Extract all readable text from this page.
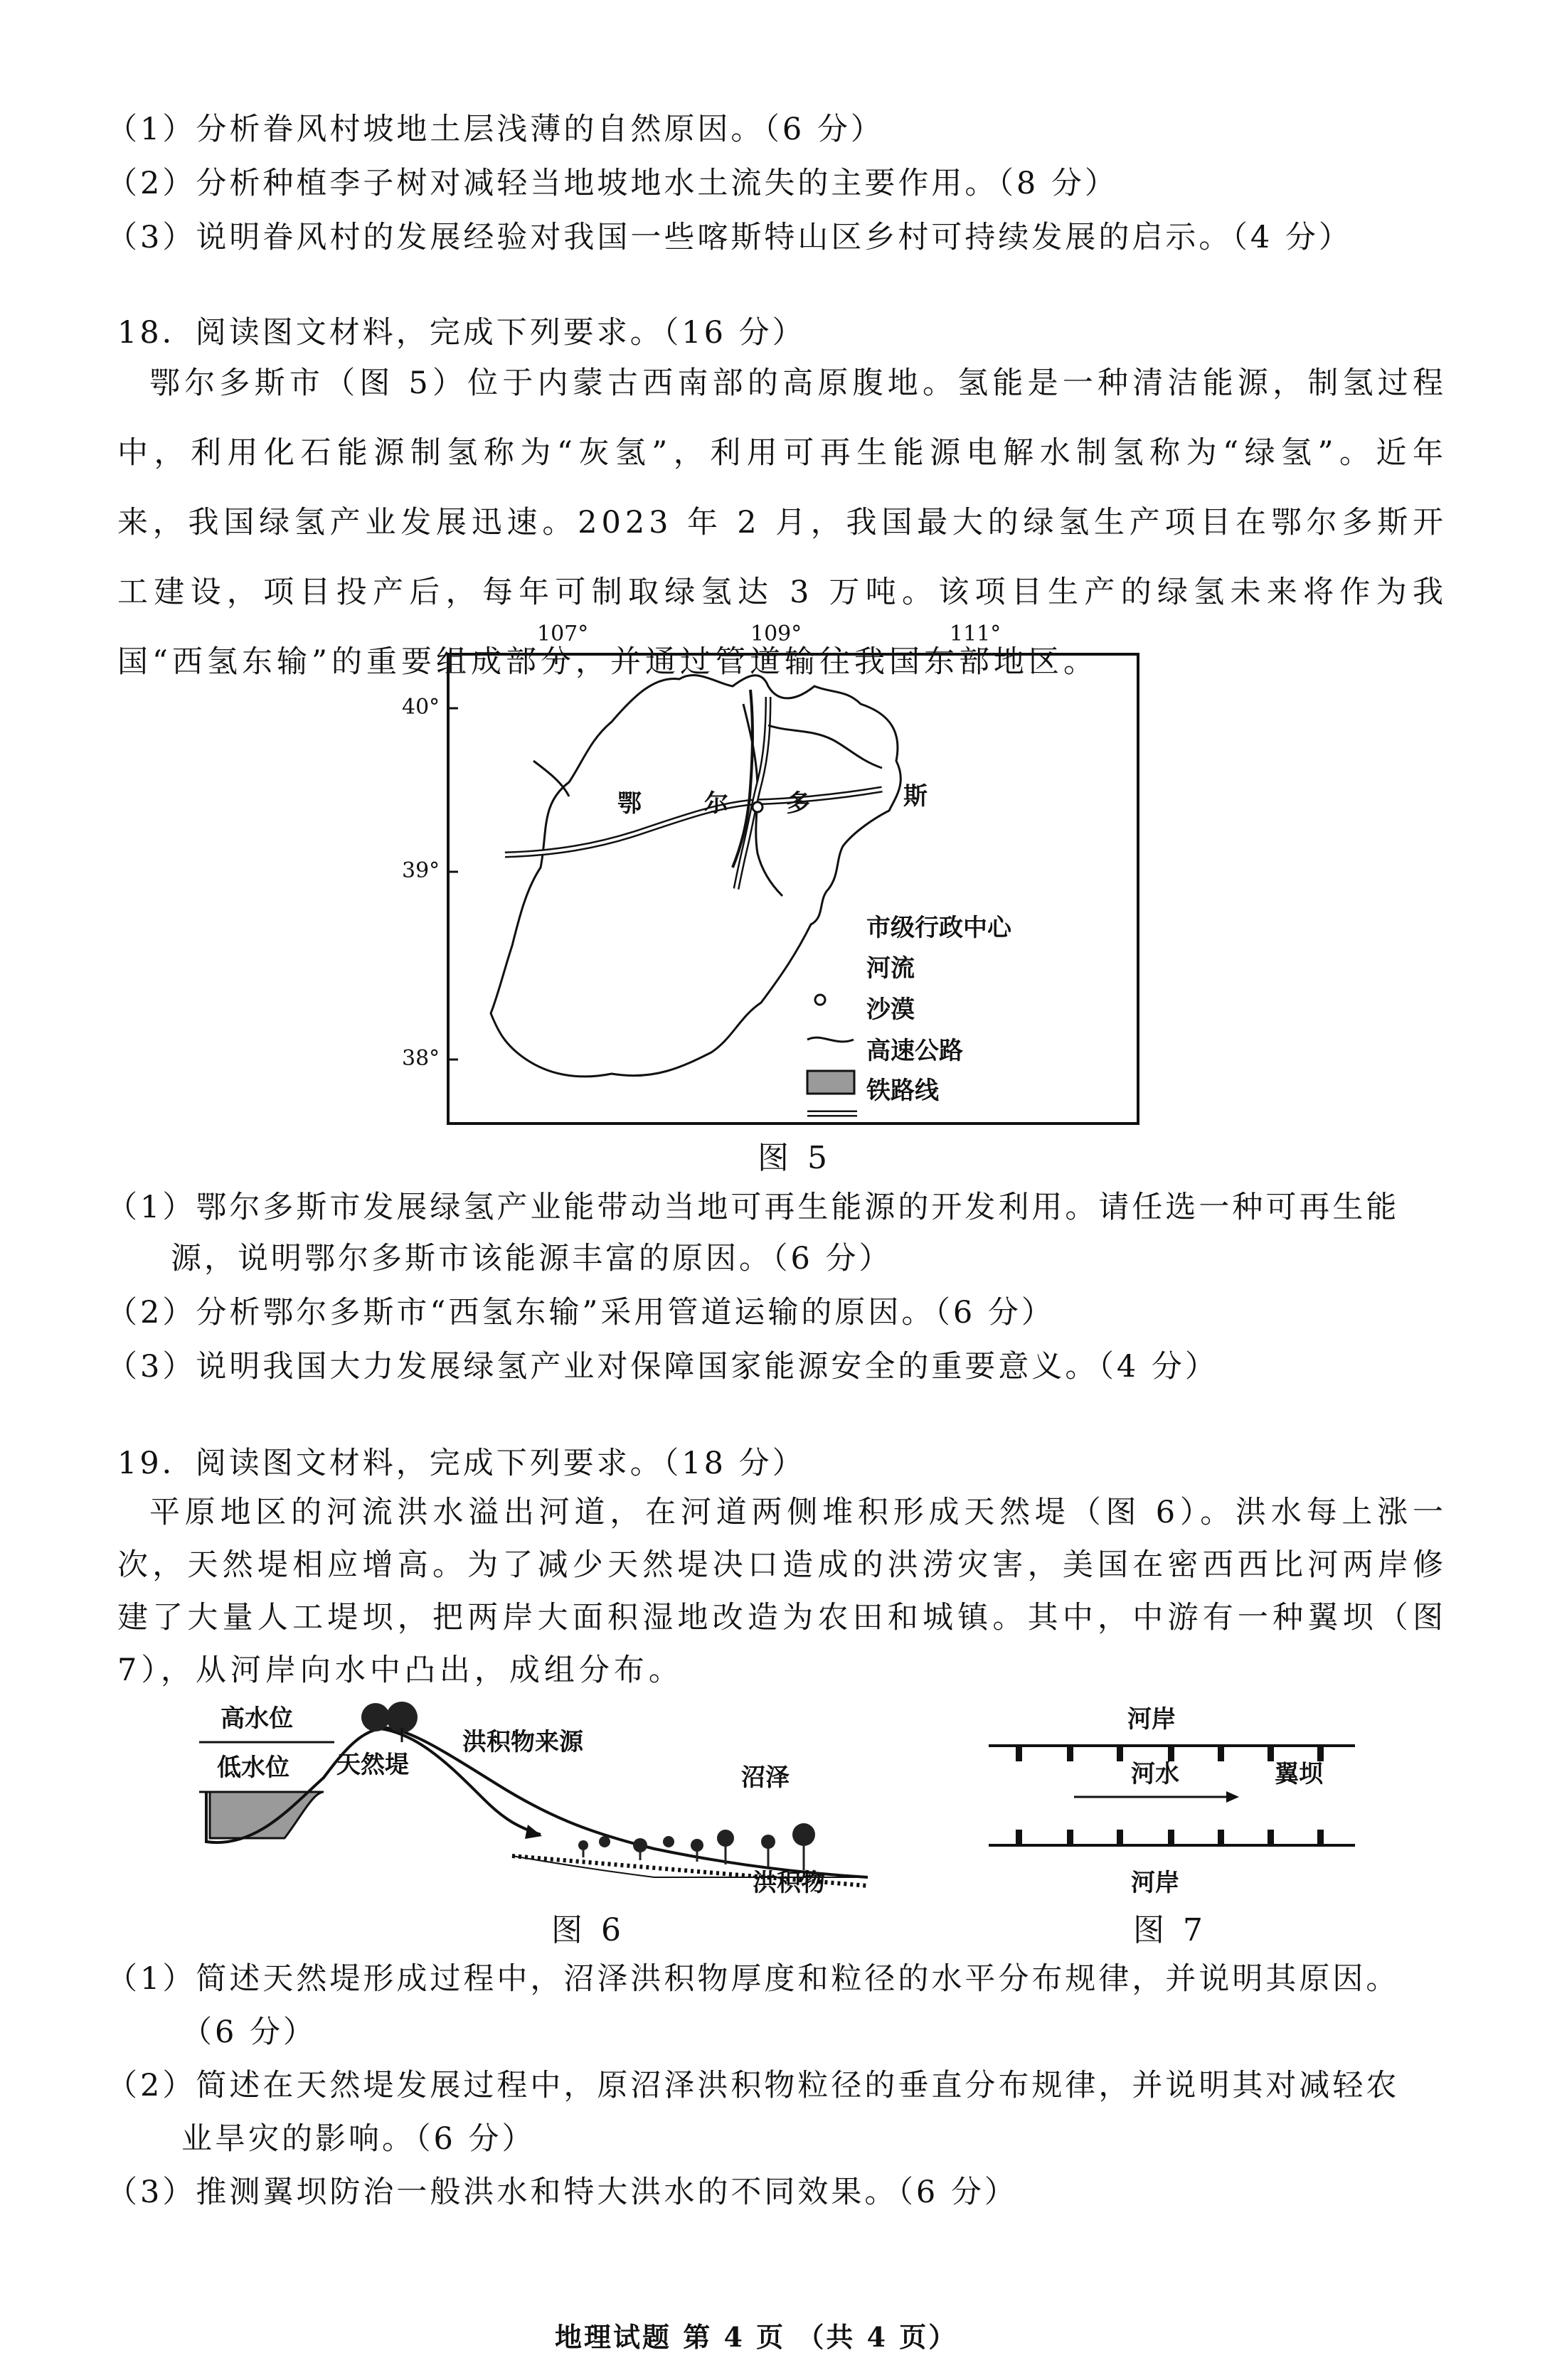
（1）分析眷风村坡地土层浅薄的自然原因。（6 分）
（2）分析种植李子树对减轻当地坡地水土流失的主要作用。（8 分）
（3）说明眷风村的发展经验对我国一些喀斯特山区乡村可持续发展的启示。（4 分）
18．阅读图文材料，完成下列要求。（16 分）
鄂尔多斯市（图 5）位于内蒙古西南部的高原腹地。氢能是一种清洁能源，制氢过程中，利用化石能源制氢称为“灰氢”，利用可再生能源电解水制氢称为“绿氢”。近年来，我国绿氢产业发展迅速。2023 年 2 月，我国最大的绿氢生产项目在鄂尔多斯开工建设，项目投产后，每年可制取绿氢达 3 万吨。该项目生产的绿氢未来将作为我国“西氢东输”的重要组成部分，并通过管道输往我国东部地区。
107°	109°	111°
40°
39°
38°
鄂	尔 多	斯
市级行政中心
河流
沙漠
高速公路
铁路线
图 5
（1）鄂尔多斯市发展绿氢产业能带动当地可再生能源的开发利用。请任选一种可再生能
源，说明鄂尔多斯市该能源丰富的原因。（6 分）
（2）分析鄂尔多斯市“西氢东输”采用管道运输的原因。（6 分）
（3）说明我国大力发展绿氢产业对保障国家能源安全的重要意义。（4 分）
19．阅读图文材料，完成下列要求。（18 分）
平原地区的河流洪水溢出河道，在河道两侧堆积形成天然堤（图 6）。洪水每上涨一次，天然堤相应增高。为了减少天然堤决口造成的洪涝灾害，美国在密西西比河两岸修建了大量人工堤坝，把两岸大面积湿地改造为农田和城镇。其中，中游有一种翼坝（图 7），从河岸向水中凸出，成组分布。
高水位
低水位 天然堤
洪积物来源
沼泽
洪积物
图 6
河岸
河水	翼坝
河岸
图 7
（1）简述天然堤形成过程中，沼泽洪积物厚度和粒径的水平分布规律，并说明其原因。
（6 分）
（2）简述在天然堤发展过程中，原沼泽洪积物粒径的垂直分布规律，并说明其对减轻农
业旱灾的影响。（6 分）
（3）推测翼坝防治一般洪水和特大洪水的不同效果。（6 分）
地理试题 第 4 页 （共 4 页）
